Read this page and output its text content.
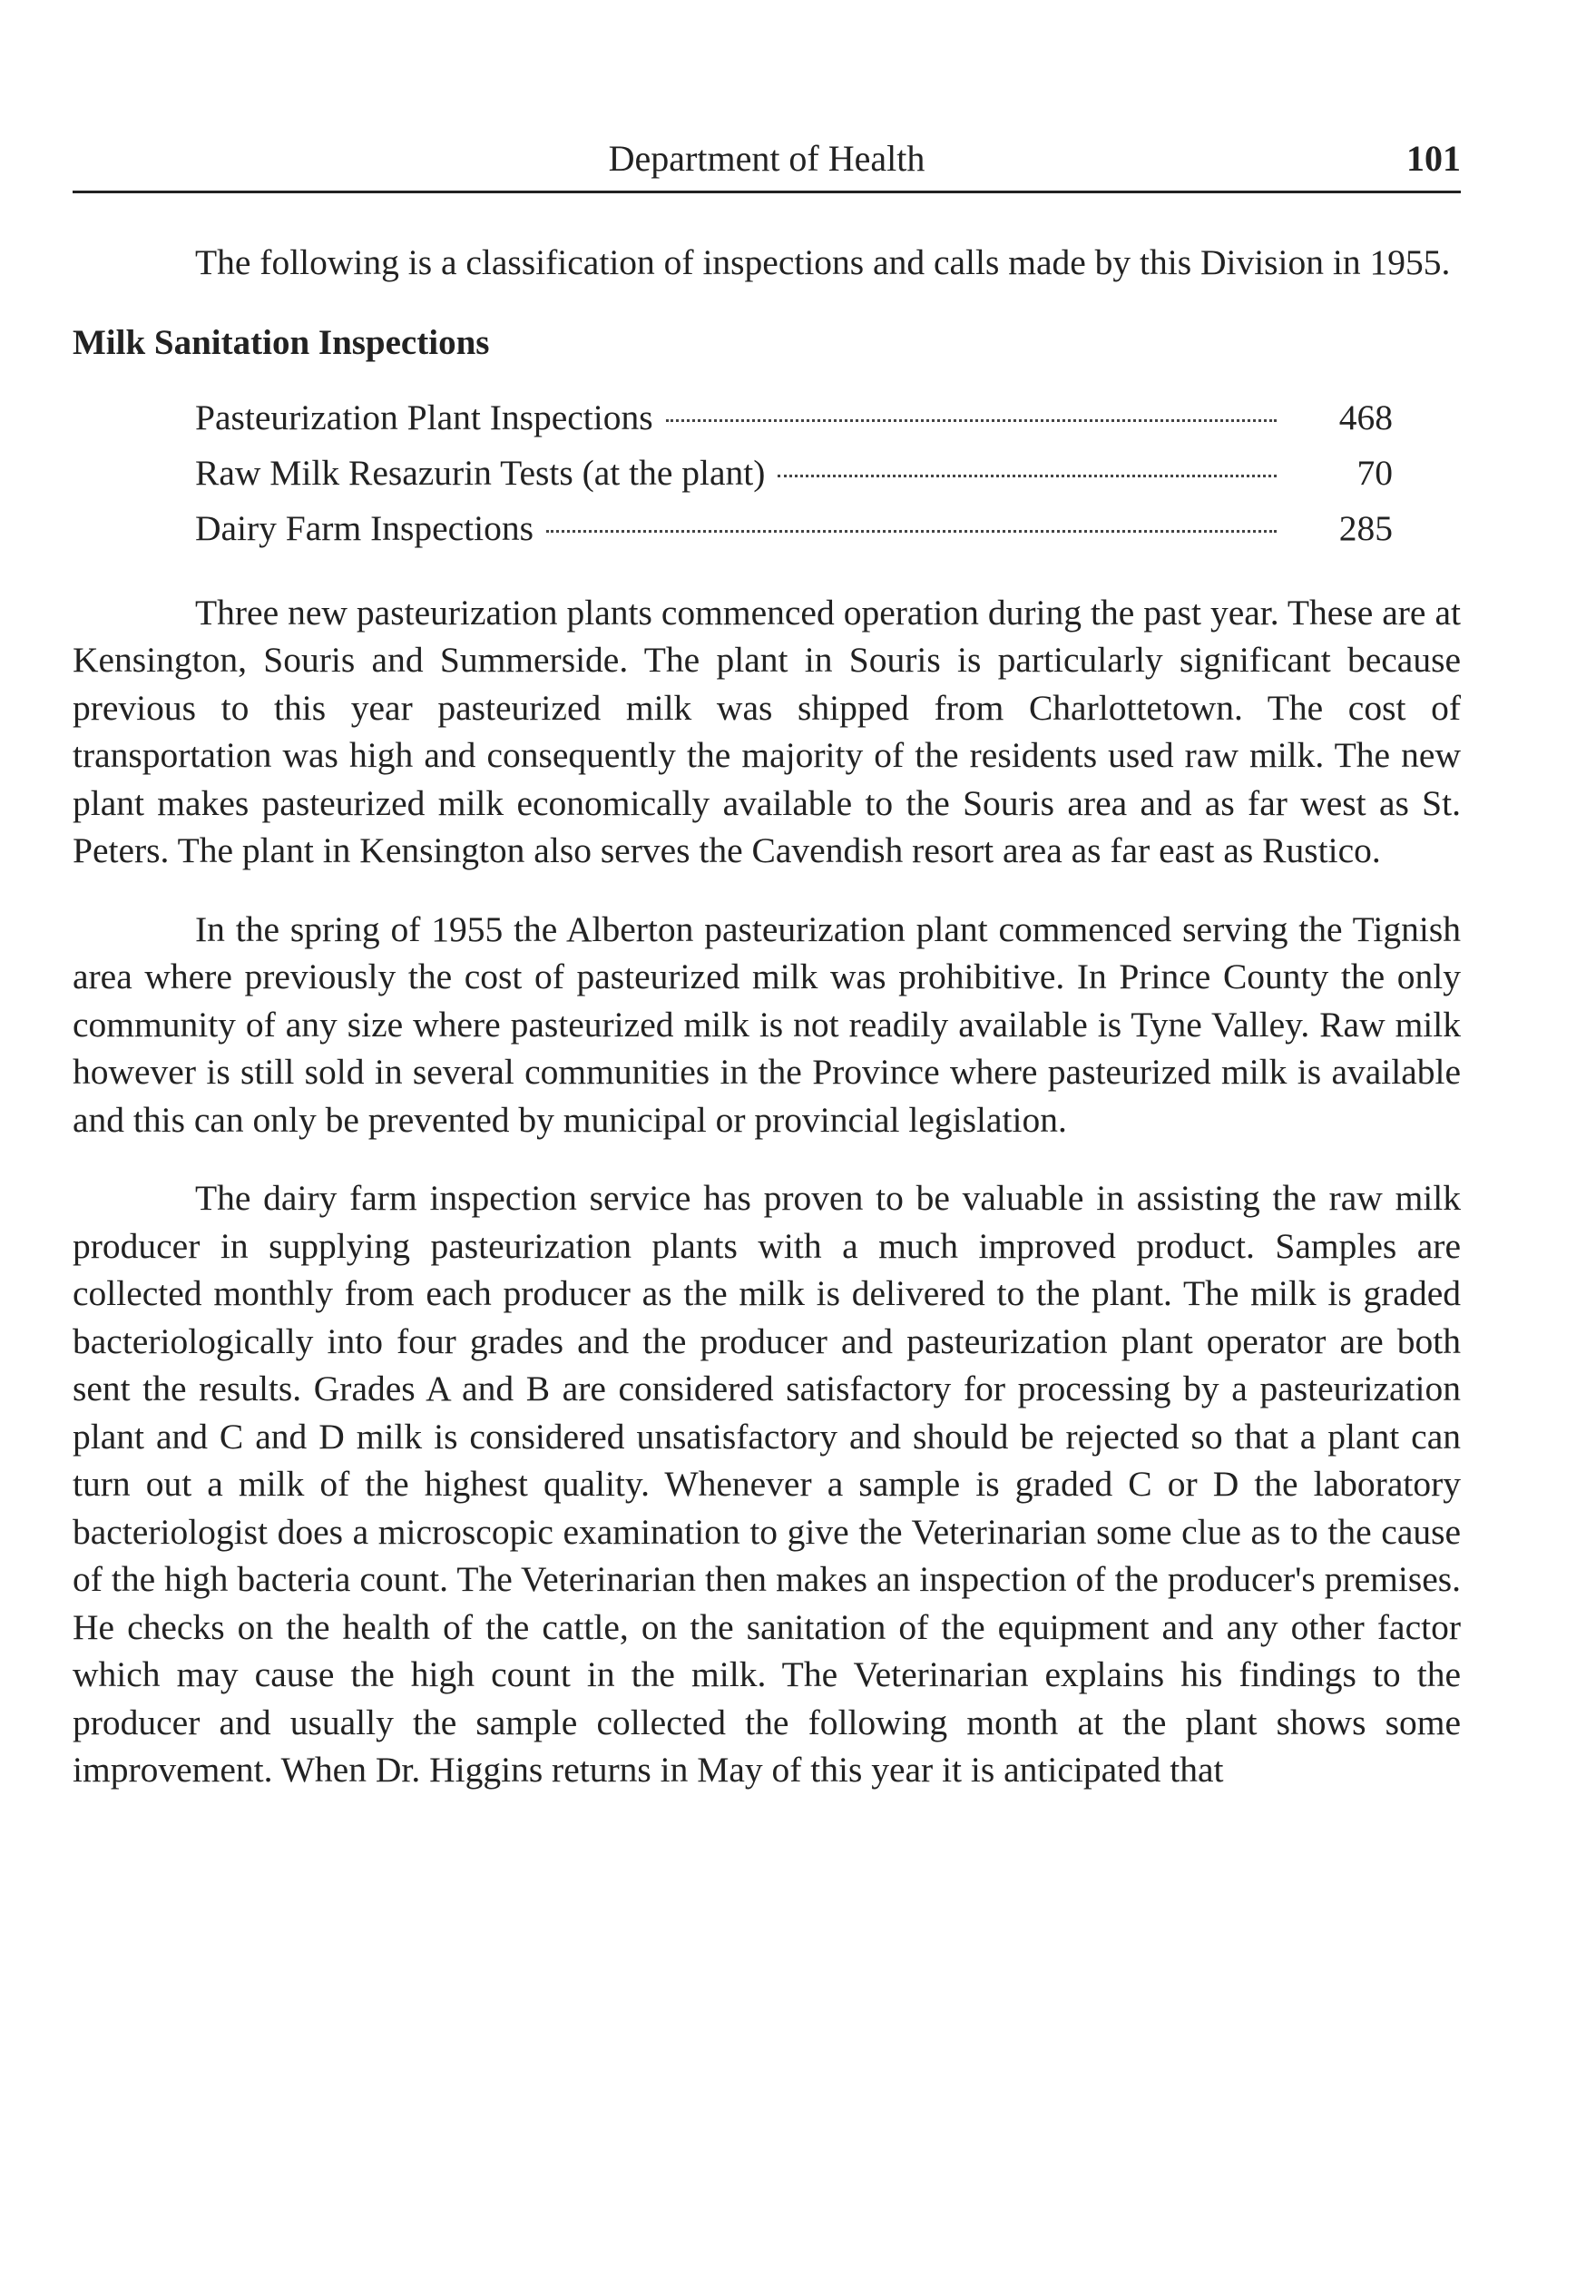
Department of Health	101

The following is a classification of inspections and calls made by this Division in 1955.

Milk Sanitation Inspections
Pasteurization Plant Inspections	468
Raw Milk Resazurin Tests (at the plant)	70
Dairy Farm Inspections	285

Three new pasteurization plants commenced operation during the past year. These are at Kensington, Souris and Summerside. The plant in Souris is particularly significant because previous to this year pasteurized milk was shipped from Charlottetown. The cost of transportation was high and consequently the majority of the residents used raw milk. The new plant makes pasteurized milk economically available to the Souris area and as far west as St. Peters. The plant in Kensington also serves the Cavendish resort area as far east as Rustico.

In the spring of 1955 the Alberton pasteurization plant commenced serving the Tignish area where previously the cost of pasteurized milk was prohibitive. In Prince County the only community of any size where pasteurized milk is not readily available is Tyne Valley. Raw milk however is still sold in several communities in the Province where pasteurized milk is available and this can only be prevented by municipal or provincial legislation.

The dairy farm inspection service has proven to be valuable in assisting the raw milk producer in supplying pasteurization plants with a much improved product. Samples are collected monthly from each producer as the milk is delivered to the plant. The milk is graded bacteriologically into four grades and the producer and pasteurization plant operator are both sent the results. Grades A and B are considered satisfactory for processing by a pasteurization plant and C and D milk is considered unsatisfactory and should be rejected so that a plant can turn out a milk of the highest quality. Whenever a sample is graded C or D the laboratory bacteriologist does a microscopic examination to give the Veterinarian some clue as to the cause of the high bacteria count. The Veterinarian then makes an inspection of the producer's premises. He checks on the health of the cattle, on the sanitation of the equipment and any other factor which may cause the high count in the milk. The Veterinarian explains his findings to the producer and usually the sample collected the following month at the plant shows some improvement. When Dr. Higgins returns in May of this year it is anticipated that
